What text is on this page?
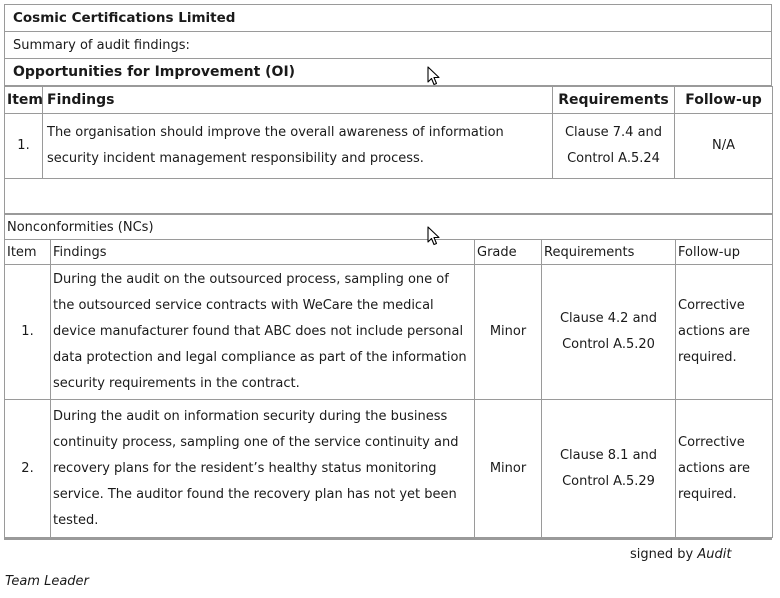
Cosmic Certifications Limited
Summary of audit findings:
Opportunities for Improvement (OI)
Item	Findings	Requirements	Follow-up
1.	The organisation should improve the overall awareness of information security incident management responsibility and process.	Clause 7.4 and Control A.5.24	N/A

Nonconformities (NCs)				
Item	Findings	Grade	Requirements	Follow-up
1.	During the audit on the outsourced process, sampling one of the outsourced service contracts with WeCare the medical device manufacturer found that ABC does not include personal data protection and legal compliance as part of the information security requirements in the contract.	Minor	Clause 4.2 and Control A.5.20	Corrective actions are required.
2.	During the audit on information security during the business continuity process, sampling one of the service continuity and recovery plans for the resident’s healthy status monitoring service. The auditor found the recovery plan has not yet been tested.	Minor	Clause 8.1 and Control A.5.29	Corrective actions are required.
signed by Audit
Team Leader
